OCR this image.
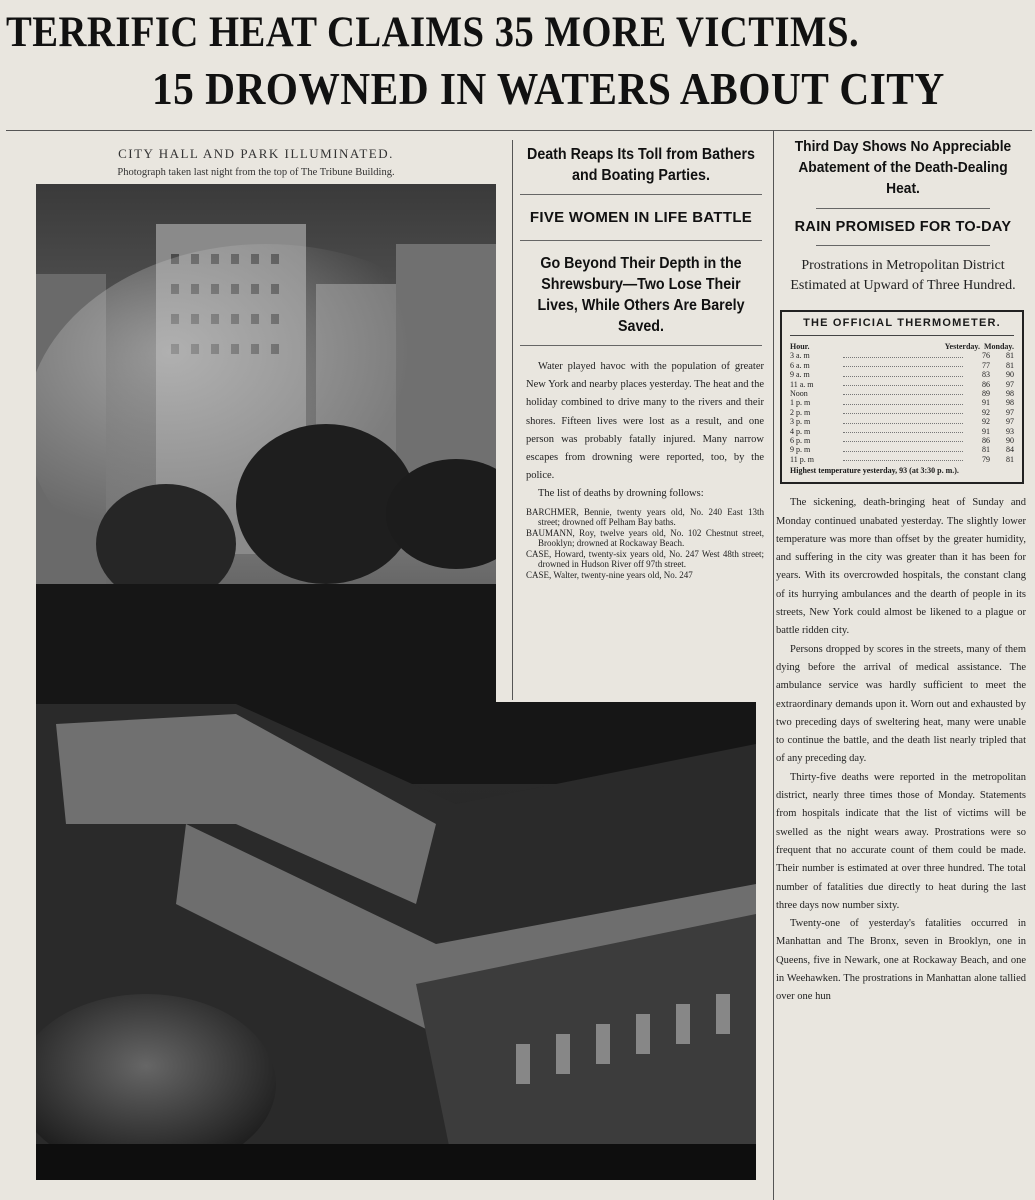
TERRIFIC HEAT CLAIMS 35 MORE VICTIMS.
15 DROWNED IN WATERS ABOUT CITY
CITY HALL AND PARK ILLUMINATED.
Photograph taken last night from the top of The Tribune Building.
Death Reaps Its Toll from Bathers and Boating Parties.
FIVE WOMEN IN LIFE BATTLE
Go Beyond Their Depth in the Shrewsbury—Two Lose Their Lives, While Others Are Barely Saved.
Water played havoc with the population of greater New York and nearby places yesterday. The heat and the holiday combined to drive many to the rivers and their shores. Fifteen lives were lost as a result, and one person was probably fatally injured. Many narrow escapes from drowning were reported, too, by the police.
The list of deaths by drowning follows:
BARCHMER, Bennie, twenty years old, No. 240 East 13th street; drowned off Pelham Bay baths.
BAUMANN, Roy, twelve years old, No. 102 Chestnut street, Brooklyn; drowned at Rockaway Beach.
CASE, Howard, twenty-six years old, No. 247 West 48th street; drowned in Hudson River off 97th street.
CASE, Walter, twenty-nine years old, No. 247
Third Day Shows No Appreciable Abatement of the Death-Dealing Heat.
RAIN PROMISED FOR TO-DAY
Prostrations in Metropolitan District Estimated at Upward of Three Hundred.
THE OFFICIAL THERMOMETER.
Hour.	Yesterday. Monday.
3 a. m	76	81
6 a. m	77	81
9 a. m	83	90
11 a. m	86	97
Noon	89	98
1 p. m	91	98
2 p. m	92	97
3 p. m	92	97
4 p. m	91	93
6 p. m	86	90
9 p. m	81	84
11 p. m	79	81
Highest temperature yesterday, 93 (at 3:30 p. m.).

The sickening, death-bringing heat of Sunday and Monday continued unabated yesterday. The slightly lower temperature was more than offset by the greater humidity, and suffering in the city was greater than it has been for years. With its overcrowded hospitals, the constant clang of its hurrying ambulances and the dearth of people in its streets, New York could almost be likened to a plague or battle ridden city.

Persons dropped by scores in the streets, many of them dying before the arrival of medical assistance. The ambulance service was hardly sufficient to meet the extraordinary demands upon it. Worn out and exhausted by two preceding days of sweltering heat, many were unable to continue the battle, and the death list nearly tripled that of any preceding day.

Thirty-five deaths were reported in the metropolitan district, nearly three times those of Monday. Statements from hospitals indicate that the list of victims will be swelled as the night wears away. Prostrations were so frequent that no accurate count of them could be made. Their number is estimated at over three hundred. The total number of fatalities due directly to heat during the last three days now number sixty.

Twenty-one of yesterday's fatalities occurred in Manhattan and The Bronx, seven in Brooklyn, one in Queens, five in Newark, one at Rockaway Beach, and one in Weehawken. The prostrations in Manhattan alone tallied over one hun
